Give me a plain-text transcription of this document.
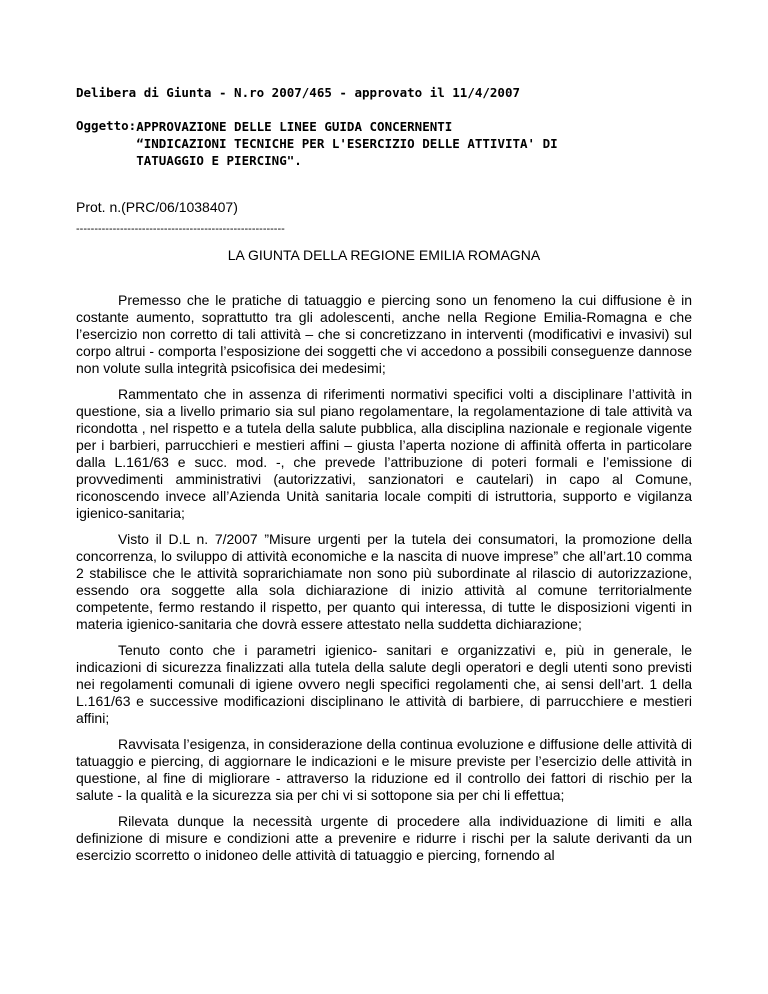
Delibera di Giunta - N.ro 2007/465 - approvato il 11/4/2007
Oggetto: APPROVAZIONE DELLE LINEE GUIDA CONCERNENTI
“INDICAZIONI TECNICHE PER L'ESERCIZIO DELLE ATTIVITA' DI
TATUAGGIO E PIERCING".
Prot. n.(PRC/06/1038407)
---------------------------------------------------------
LA GIUNTA DELLA REGIONE EMILIA ROMAGNA

Premesso che le pratiche di tatuaggio e piercing sono un fenomeno la cui diffusione è in costante aumento, soprattutto tra gli adolescenti, anche nella Regione Emilia-Romagna e che l’esercizio non corretto di tali attività – che si concretizzano in interventi (modificativi e invasivi) sul corpo altrui - comporta l’esposizione dei soggetti che vi accedono a possibili conseguenze dannose non volute sulla integrità psicofisica dei medesimi;

Rammentato che in assenza di riferimenti normativi specifici volti a disciplinare l’attività in questione, sia a livello primario sia sul piano regolamentare, la regolamentazione di tale attività va ricondotta , nel rispetto e a tutela della salute pubblica, alla disciplina nazionale e regionale vigente per i barbieri, parrucchieri e mestieri affini – giusta l’aperta nozione di affinità offerta in particolare dalla L.161/63 e succ. mod. -, che prevede l’attribuzione di poteri formali e l’emissione di provvedimenti amministrativi (autorizzativi, sanzionatori e cautelari) in capo al Comune, riconoscendo invece all’Azienda Unità sanitaria locale compiti di istruttoria, supporto e vigilanza igienico-sanitaria;

Visto il D.L n. 7/2007 ”Misure urgenti per la tutela dei consumatori, la promozione della concorrenza, lo sviluppo di attività economiche e la nascita di nuove imprese” che all’art.10 comma 2 stabilisce che le attività soprarichiamate non sono più subordinate al rilascio di autorizzazione, essendo ora soggette alla sola dichiarazione di inizio attività al comune territorialmente competente, fermo restando il rispetto, per quanto qui interessa, di tutte le disposizioni vigenti in materia igienico-sanitaria che dovrà essere attestato nella suddetta dichiarazione;

Tenuto conto che i parametri igienico- sanitari e organizzativi e, più in generale, le indicazioni di sicurezza finalizzati alla tutela della salute degli operatori e degli utenti sono previsti nei regolamenti comunali di igiene ovvero negli specifici regolamenti che, ai sensi dell’art. 1 della L.161/63 e successive modificazioni disciplinano le attività di barbiere, di parrucchiere e mestieri affini;

Ravvisata l’esigenza, in considerazione della continua evoluzione e diffusione delle attività di tatuaggio e piercing, di aggiornare le indicazioni e le misure previste per l’esercizio delle attività in questione, al fine di migliorare - attraverso la riduzione ed il controllo dei fattori di rischio per la salute - la qualità e la sicurezza sia per chi vi si sottopone sia per chi li effettua;

Rilevata dunque la necessità urgente di procedere alla individuazione di limiti e alla definizione di misure e condizioni atte a prevenire e ridurre i rischi per la salute derivanti da un esercizio scorretto o inidoneo delle attività di tatuaggio e piercing, fornendo al
